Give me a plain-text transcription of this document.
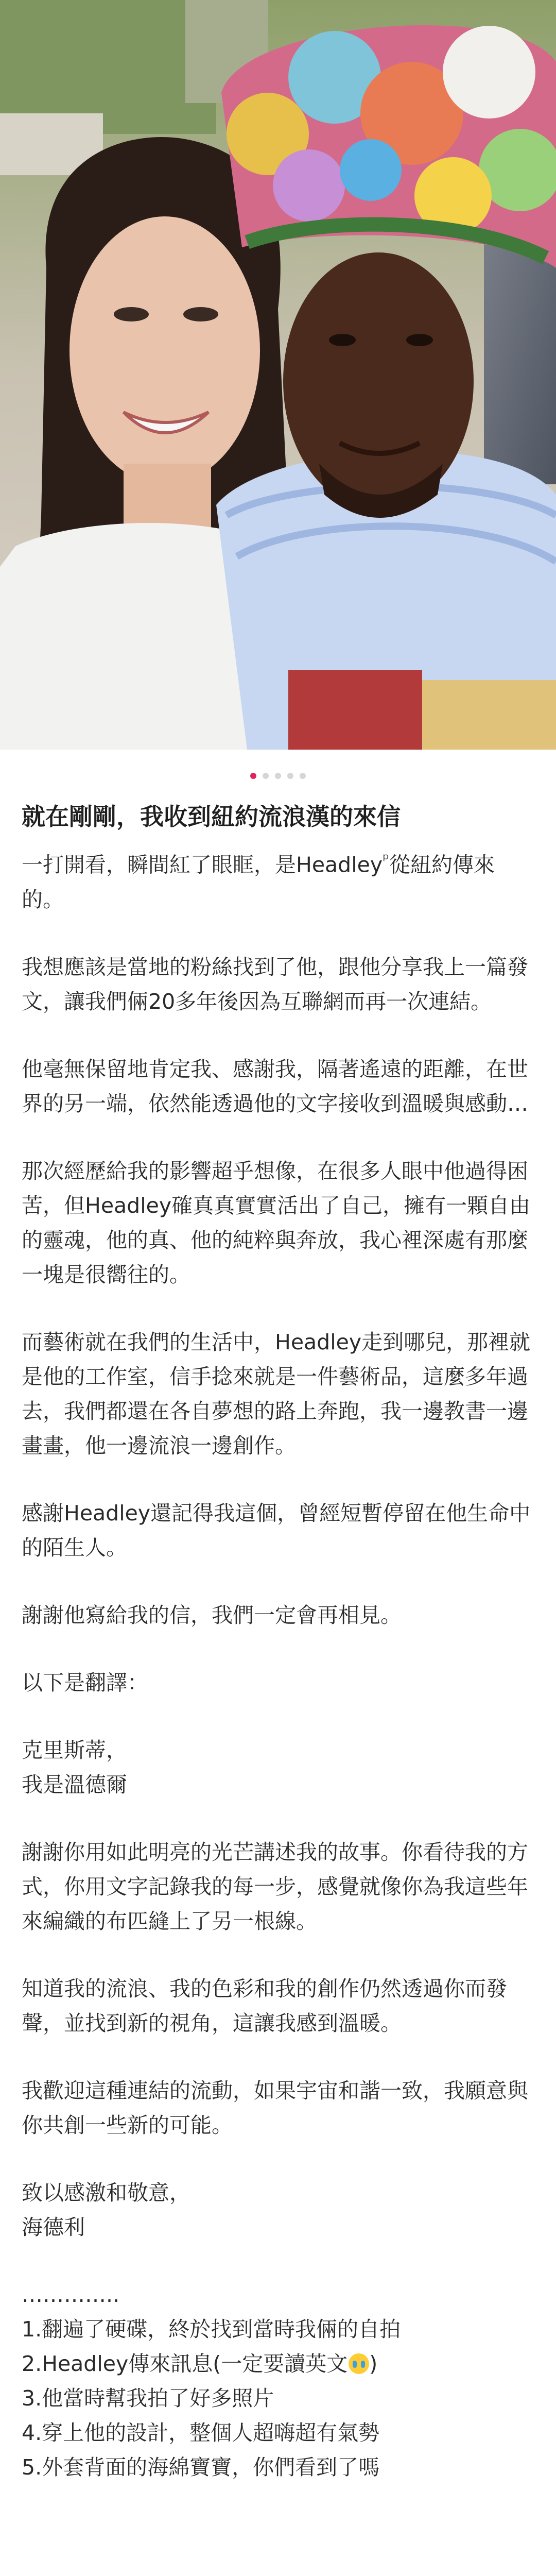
就在剛剛，我收到紐約流浪漢的來信

一打開看，瞬間紅了眼眶，是Headley$^ᵖ$從紐約傳來的。

我想應該是當地的粉絲找到了他，跟他分享我上一篇發文，讓我們倆20多年後因為互聯網而再一次連結。

他毫無保留地肯定我、感謝我，隔著遙遠的距離，在世界的另一端，依然能透過他的文字接收到溫暖與感動…

那次經歷給我的影響超乎想像，在很多人眼中他過得困苦，但Headley確真真實實活出了自己，擁有一顆自由的靈魂，他的真、他的純粹與奔放，我心裡深處有那麼一塊是很嚮往的。

而藝術就在我們的生活中，Headley走到哪兒，那裡就是他的工作室，信手捻來就是一件藝術品，這麼多年過去，我們都還在各自夢想的路上奔跑，我一邊教書一邊畫畫，他一邊流浪一邊創作。

感謝Headley還記得我這個，曾經短暫停留在他生命中的陌生人。

謝謝他寫給我的信，我們一定會再相見。

以下是翻譯：

克里斯蒂，

我是溫德爾

謝謝你用如此明亮的光芒講述我的故事。你看待我的方式，你用文字記錄我的每一步，感覺就像你為我這些年來編織的布匹縫上了另一根線。

知道我的流浪、我的色彩和我的創作仍然透過你而發聲，並找到新的視角，這讓我感到溫暖。

我歡迎這種連結的流動，如果宇宙和諧一致，我願意與你共創一些新的可能。

致以感激和敬意，

海德利

…………..

1.翻遍了硬碟，終於找到當時我倆的自拍
2.Headley傳來訊息(一定要讀英文 )
3.他當時幫我拍了好多照片
4.穿上他的設計，整個人超嗨超有氣勢
5.外套背面的海綿寶寶，你們看到了嗎
